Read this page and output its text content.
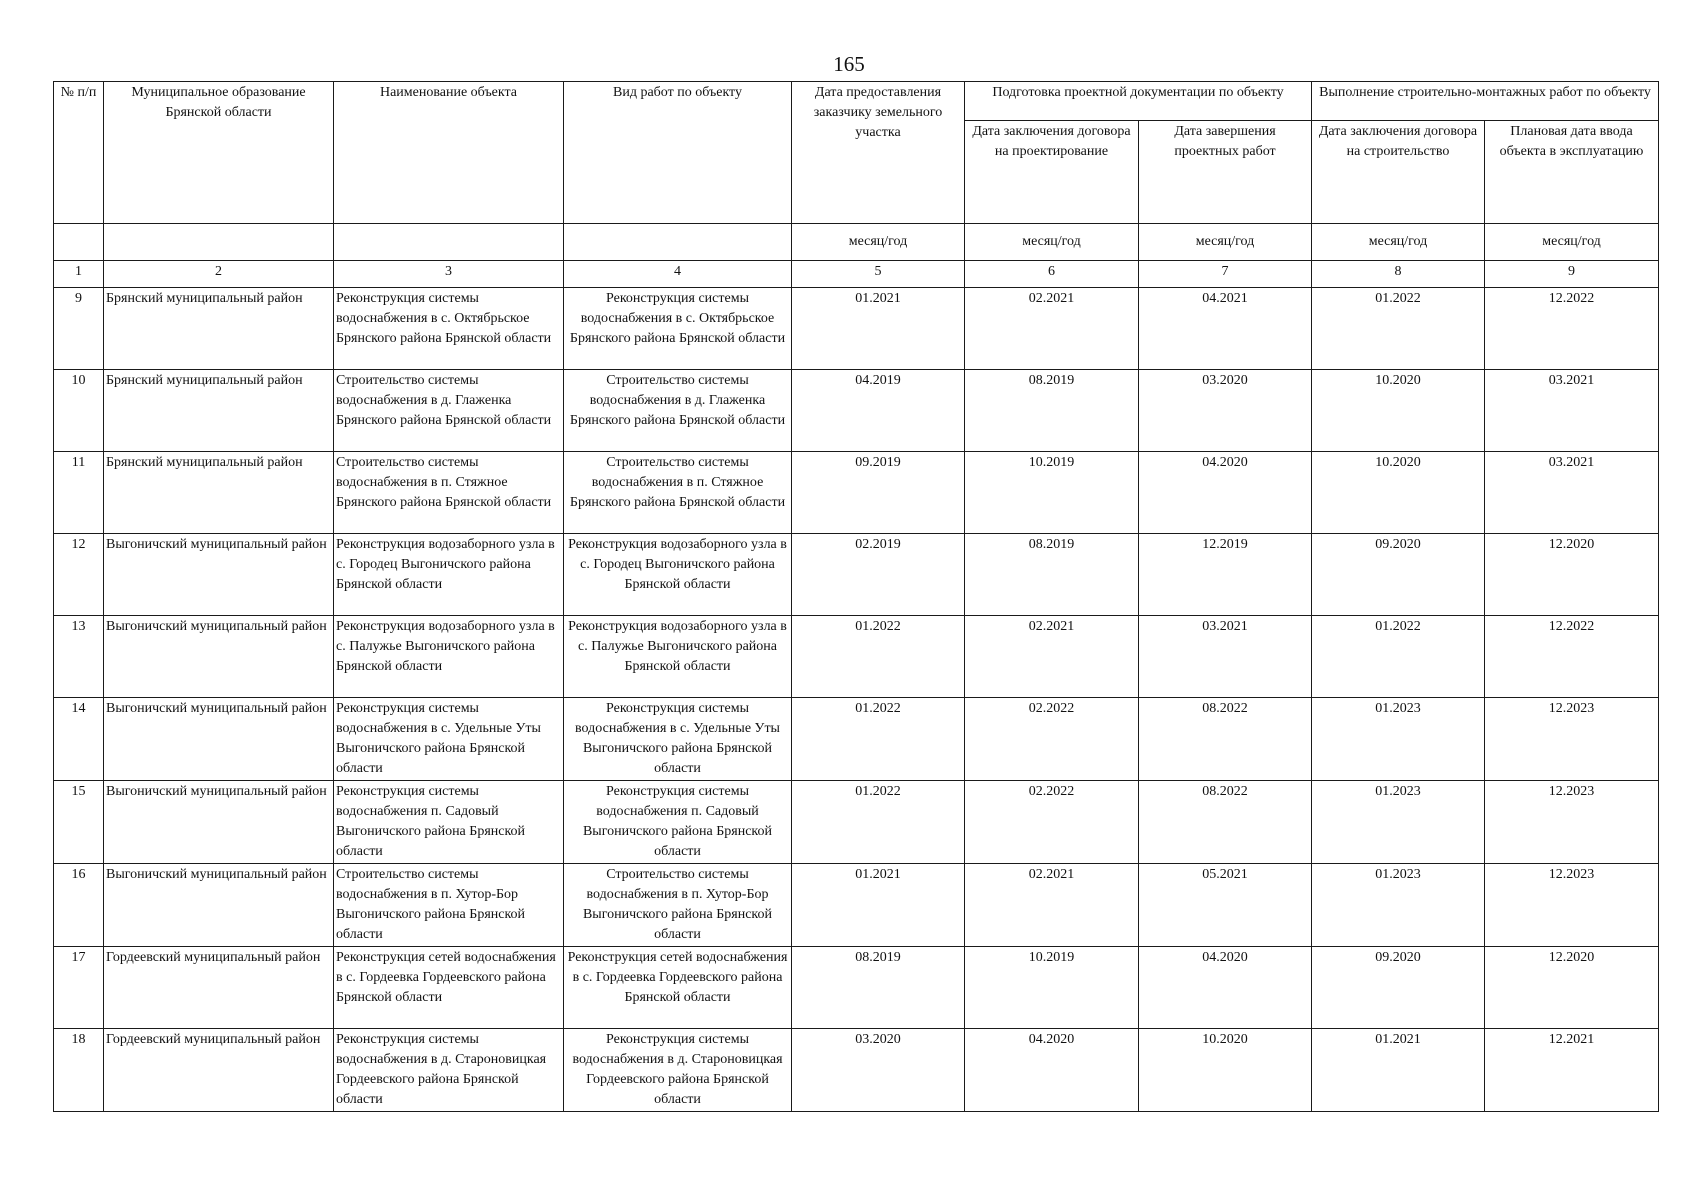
165
№ п/п	Муниципальное образование Брянской области	Наименование объекта	Вид работ по объекту	Дата предоставления заказчику земельного участка	Подготовка проектной документации по объекту		Выполнение строительно-монтажных работ по объекту	
					Дата заключения договора на проектирование	Дата завершения проектных работ	Дата заключения договора на строительство	Плановая дата ввода объекта в эксплуатацию
				месяц/год	месяц/год	месяц/год	месяц/год	месяц/год
1	2	3	4	5	6	7	8	9
9	Брянский муниципальный район	Реконструкция системы водоснабжения в с. Октябрьское Брянского района Брянской области	Реконструкция системы водоснабжения в с. Октябрьское Брянского района Брянской области	01.2021	02.2021	04.2021	01.2022	12.2022
10	Брянский муниципальный район	Строительство системы водоснабжения в д. Глаженка Брянского района Брянской области	Строительство системы водоснабжения в д. Глаженка Брянского района Брянской области	04.2019	08.2019	03.2020	10.2020	03.2021
11	Брянский муниципальный район	Строительство системы водоснабжения в п. Стяжное Брянского района Брянской области	Строительство системы водоснабжения в п. Стяжное Брянского района Брянской области	09.2019	10.2019	04.2020	10.2020	03.2021
12	Выгоничский муниципальный район	Реконструкция водозаборного узла в с. Городец Выгоничского района Брянской области	Реконструкция водозаборного узла в с. Городец Выгоничского района Брянской области	02.2019	08.2019	12.2019	09.2020	12.2020
13	Выгоничский муниципальный район	Реконструкция водозаборного узла в с. Палужье Выгоничского района Брянской области	Реконструкция водозаборного узла в с. Палужье Выгоничского района Брянской области	01.2022	02.2021	03.2021	01.2022	12.2022
14	Выгоничский муниципальный район	Реконструкция системы водоснабжения в с. Удельные Уты Выгоничского района Брянской области	Реконструкция системы водоснабжения в с. Удельные Уты Выгоничского района Брянской области	01.2022	02.2022	08.2022	01.2023	12.2023
15	Выгоничский муниципальный район	Реконструкция системы водоснабжения п. Садовый Выгоничского района Брянской области	Реконструкция системы водоснабжения п. Садовый Выгоничского района Брянской области	01.2022	02.2022	08.2022	01.2023	12.2023
16	Выгоничский муниципальный район	Строительство системы водоснабжения в п. Хутор-Бор Выгоничского района Брянской области	Строительство системы водоснабжения в п. Хутор-Бор Выгоничского района Брянской области	01.2021	02.2021	05.2021	01.2023	12.2023
17	Гордеевский муниципальный район	Реконструкция сетей водоснабжения в с. Гордеевка Гордеевского района Брянской области	Реконструкция сетей водоснабжения в с. Гордеевка Гордеевского района Брянской области	08.2019	10.2019	04.2020	09.2020	12.2020
18	Гордеевский муниципальный район	Реконструкция системы водоснабжения в д. Староновицкая Гордеевского района Брянской области	Реконструкция системы водоснабжения в д. Староновицкая Гордеевского района Брянской области	03.2020	04.2020	10.2020	01.2021	12.2021
